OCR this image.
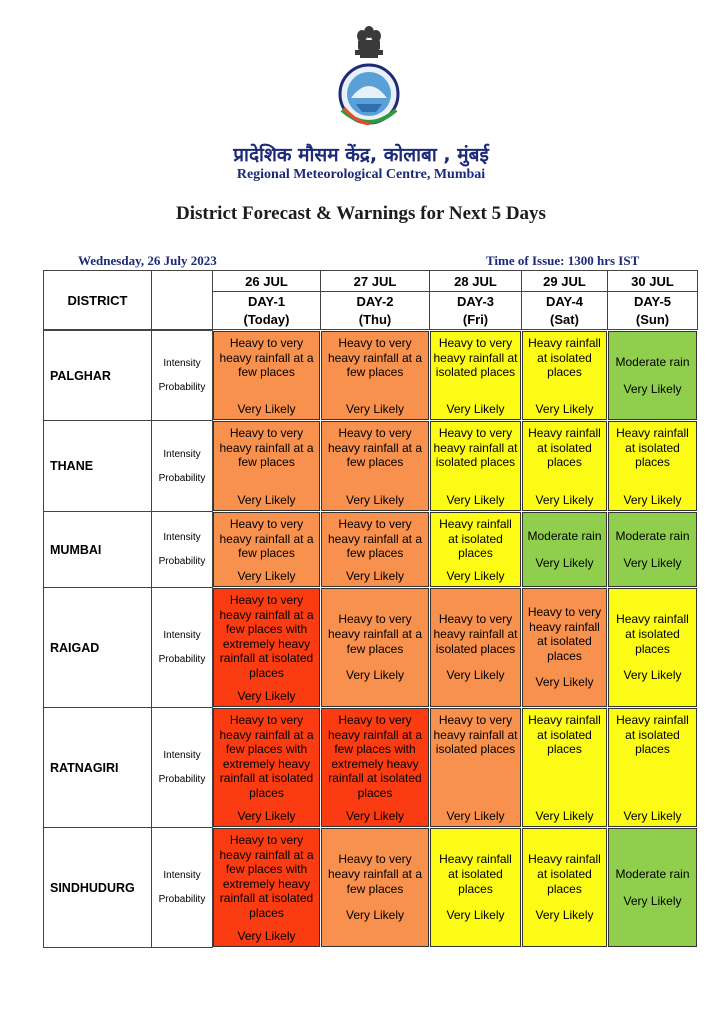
प्रादेशिक मौसम केंद्र, कोलाबा , मुंबई
Regional Meteorological Centre, Mumbai
District Forecast & Warnings for Next 5 Days
Wednesday, 26 July 2023	Time of Issue: 1300 hrs IST
DISTRICT
26 JUL
DAY-1
(Today)
27 JUL
DAY-2
(Thu)
28 JUL
DAY-3
(Fri)
29 JUL
DAY-4
(Sat)
30 JUL
DAY-5
(Sun)
PALGHAR
Intensity
Probability
Heavy to very heavy rainfall at a few places
Very Likely
Heavy to very heavy rainfall at a few places
Very Likely
Heavy to very heavy rainfall at isolated places
Very Likely
Heavy rainfall at isolated places
Very Likely
Moderate rain
Very Likely
THANE
Intensity
Probability
Heavy to very heavy rainfall at a few places
Very Likely
Heavy to very heavy rainfall at a few places
Very Likely
Heavy to very heavy rainfall at isolated places
Very Likely
Heavy rainfall at isolated places
Very Likely
Heavy rainfall at isolated places
Very Likely
MUMBAI
Intensity
Probability
Heavy to very heavy rainfall at a few places
Very Likely
Heavy to very heavy rainfall at a few places
Very Likely
Heavy rainfall at isolated places
Very Likely
Moderate rain
Very Likely
Moderate rain
Very Likely
RAIGAD
Intensity
Probability
Heavy to very heavy rainfall at a few places with extremely heavy rainfall at isolated places
Very Likely
Heavy to very heavy rainfall at a few places
Very Likely
Heavy to very heavy rainfall at isolated places
Very Likely
Heavy to very heavy rainfall at isolated places
Very Likely
Heavy rainfall at isolated places
Very Likely
RATNAGIRI
Intensity
Probability
Heavy to very heavy rainfall at a few places with extremely heavy rainfall at isolated places
Very Likely
Heavy to very heavy rainfall at a few places with extremely heavy rainfall at isolated places
Very Likely
Heavy to very heavy rainfall at isolated places
Very Likely
Heavy rainfall at isolated places
Very Likely
Heavy rainfall at isolated places
Very Likely
SINDHUDURG
Intensity
Probability
Heavy to very heavy rainfall at a few places with extremely heavy rainfall at isolated places
Very Likely
Heavy to very heavy rainfall at a few places
Very Likely
Heavy rainfall at isolated places
Very Likely
Heavy rainfall at isolated places
Very Likely
Moderate rain
Very Likely
